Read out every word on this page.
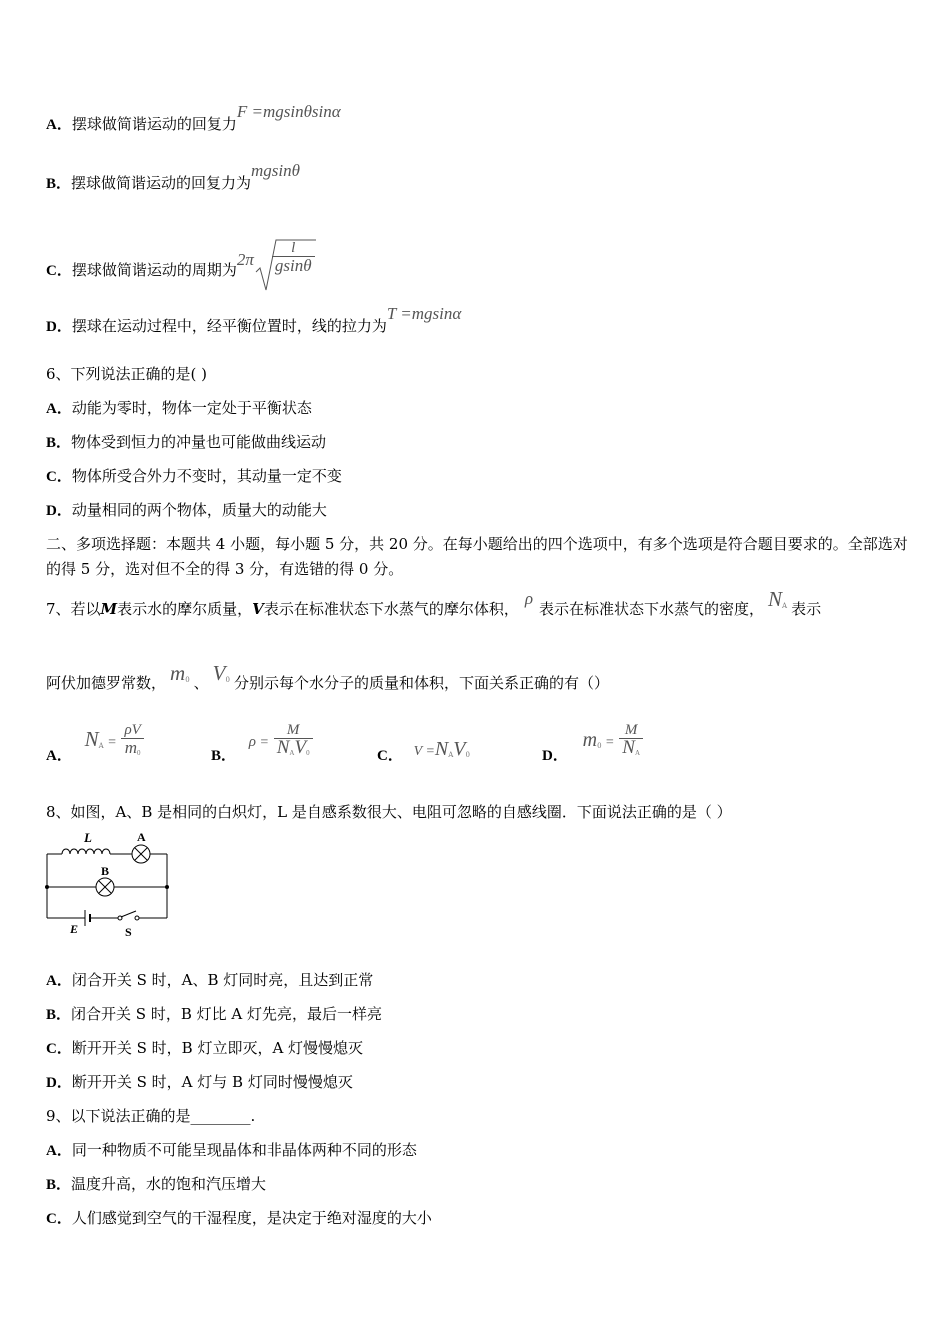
A．摆球做简谐运动的回复力F =mgsinθsinα
B．摆球做简谐运动的回复力为mgsinθ
C．摆球做简谐运动的周期为$2\pi \frac{l}{gsin\theta}$
D．摆球在运动过程中，经平衡位置时，线的拉力为T =mgsinα
6、下列说法正确的是( )
A．动能为零时，物体一定处于平衡状态
B．物体受到恒力的冲量也可能做曲线运动
C．物体所受合外力不变时，其动量一定不变
D．动量相同的两个物体，质量大的动能大
二、多项选择题：本题共 4 小题，每小题 5 分，共 20 分。在每小题给出的四个选项中，有多个选项是符合题目要求的。全部选对的得 5 分，选对但不全的得 3 分，有选错的得 0 分。
7、若以M表示水的摩尔质量，V表示在标准状态下水蒸气的摩尔体积，ρ表示在标准状态下水蒸气的密度， $N_A$ 表示
阿伏加德罗常数， $m_0$ 、 $V_0$ 分别示每个水分子的质量和体积，下面关系正确的有（）
A． $N_A = \frac{\rho V}{m_0}$	B． $\rho = \frac{M}{N_AV_0}$	C． $V =N_AV_0$	D． $m_0 = \frac{M}{N_A}$
8、如图，A、B 是相同的白炽灯，L 是自感系数很大、电阻可忽略的自感线圈．下面说法正确的是（ ）
L	A
B
E	S
A．闭合开关 S 时，A、B 灯同时亮，且达到正常
B．闭合开关 S 时，B 灯比 A 灯先亮，最后一样亮
C．断开开关 S 时，B 灯立即灭，A 灯慢慢熄灭
D．断开开关 S 时，A 灯与 B 灯同时慢慢熄灭
9、以下说法正确的是________.
A．同一种物质不可能呈现晶体和非晶体两种不同的形态
B．温度升高，水的饱和汽压增大
C．人们感觉到空气的干湿程度，是决定于绝对湿度的大小
